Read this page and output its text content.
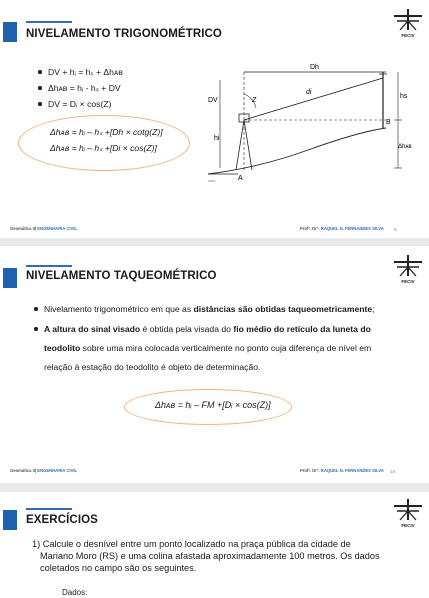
NIVELAMENTO TRIGONOMÉTRICO	FECIV
DV + hᵢ = hₛ + Δhᴀʙ
Δhᴀʙ = hᵢ - hₛ + DV
DV = Dᵢ × cos(Z)
Δhᴀʙ = hᵢ – hₛ +[Dh × cotg(Z)]
Δhᴀʙ = hᵢ – hₛ +[Di × cos(Z)]
Dh
di
DV	Z
hs
hi
B
A
Δhᴀʙ
solo
Geomática II| ENGENHARIA CIVIL	Profª. Drª. RAQUEL N. FERNANDES SILVA 9
NIVELAMENTO TAQUEOMÉTRICO	FECIV
Nivelamento trigonométrico em que as distâncias são obtidas taqueometricamente;
A altura do sinal visado é obtida pela visada do fio médio do retículo da luneta do
teodolito sobre uma mira colocada verticalmente no ponto cuja diferença de nível em
relação à estação do teodolito é objeto de determinação.
Δhᴀʙ = hᵢ – FM +[Dᵢ × cos(Z)]
Geomática II| ENGENHARIA CIVIL	Profª. Drª. RAQUEL N. FERNANDES SILVA 10
EXERCÍCIOS	FECIV
1) Calcule o desnível entre um ponto localizado na praça pública da cidade de
Mariano Moro (RS) e uma colina afastada aproximadamente 100 metros. Os dados
coletados no campo são os seguintes.
Dados:
